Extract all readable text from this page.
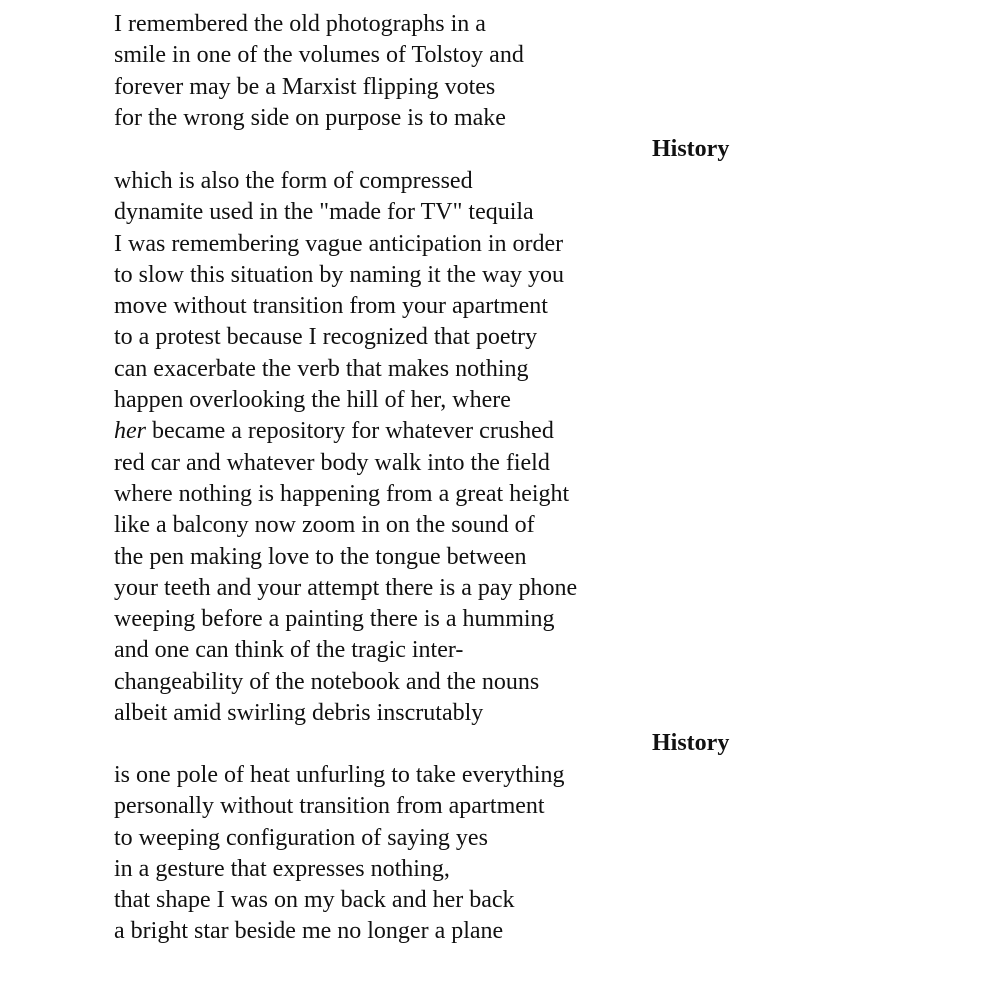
I remembered the old photographs in a
smile in one of the volumes of Tolstoy and
forever may be a Marxist flipping votes
for the wrong side on purpose is to make
History
which is also the form of compressed
dynamite used in the "made for TV" tequila
I was remembering vague anticipation in order
to slow this situation by naming it the way you
move without transition from your apartment
to a protest because I recognized that poetry
can exacerbate the verb that makes nothing
happen overlooking the hill of her, where
her became a repository for whatever crushed
red car and whatever body walk into the field
where nothing is happening from a great height
like a balcony now zoom in on the sound of
the pen making love to the tongue between
your teeth and your attempt there is a pay phone
weeping before a painting there is a humming
and one can think of the tragic inter-
changeability of the notebook and the nouns
albeit amid swirling debris inscrutably
History
is one pole of heat unfurling to take everything
personally without transition from apartment
to weeping configuration of saying yes
in a gesture that expresses nothing,
that shape I was on my back and her back
a bright star beside me no longer a plane
